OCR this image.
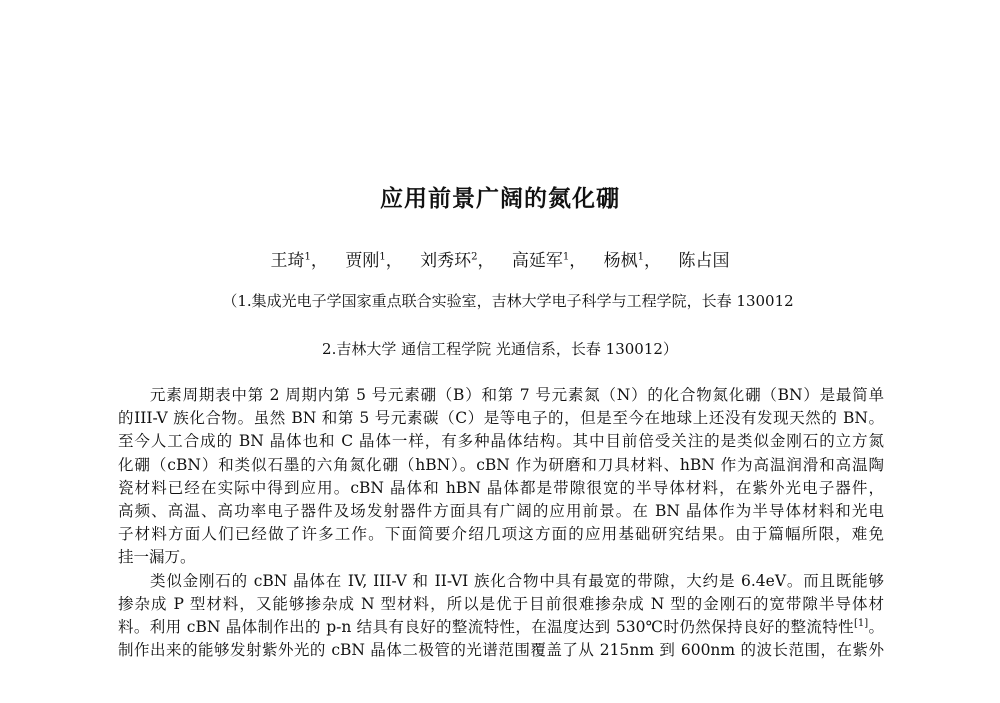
应用前景广阔的氮化硼
王琦$^1$， 贾刚$^1$， 刘秀环$^2$， 高延军$^1$， 杨枫$^1$， 陈占国
（1.集成光电子学国家重点联合实验室，吉林大学电子科学与工程学院，长春 130012
2.吉林大学 通信工程学院 光通信系，长春 130012）
元素周期表中第 2 周期内第 5 号元素硼（B）和第 7 号元素氮（N）的化合物氮化硼（BN）是最简单
的III-V 族化合物。虽然 BN 和第 5 号元素碳（C）是等电子的，但是至今在地球上还没有发现天然的 BN。
至今人工合成的 BN 晶体也和 C 晶体一样，有多种晶体结构。其中目前倍受关注的是类似金刚石的立方氮
化硼（cBN）和类似石墨的六角氮化硼（hBN）。cBN 作为研磨和刀具材料、hBN 作为高温润滑和高温陶
瓷材料已经在实际中得到应用。cBN 晶体和 hBN 晶体都是带隙很宽的半导体材料，在紫外光电子器件，
高频、高温、高功率电子器件及场发射器件方面具有广阔的应用前景。在 BN 晶体作为半导体材料和光电
子材料方面人们已经做了许多工作。下面简要介绍几项这方面的应用基础研究结果。由于篇幅所限，难免
挂一漏万。
类似金刚石的 cBN 晶体在 IV, III-V 和 II-VI 族化合物中具有最宽的带隙，大约是 6.4eV。而且既能够
掺杂成 P 型材料，又能够掺杂成 N 型材料，所以是优于目前很难掺杂成 N 型的金刚石的宽带隙半导体材
料。利用 cBN 晶体制作出的 p-n 结具有良好的整流特性，在温度达到 530℃时仍然保持良好的整流特性[1]。
制作出来的能够发射紫外光的 cBN 晶体二极管的光谱范围覆盖了从 215nm 到 600nm 的波长范围，在紫外
